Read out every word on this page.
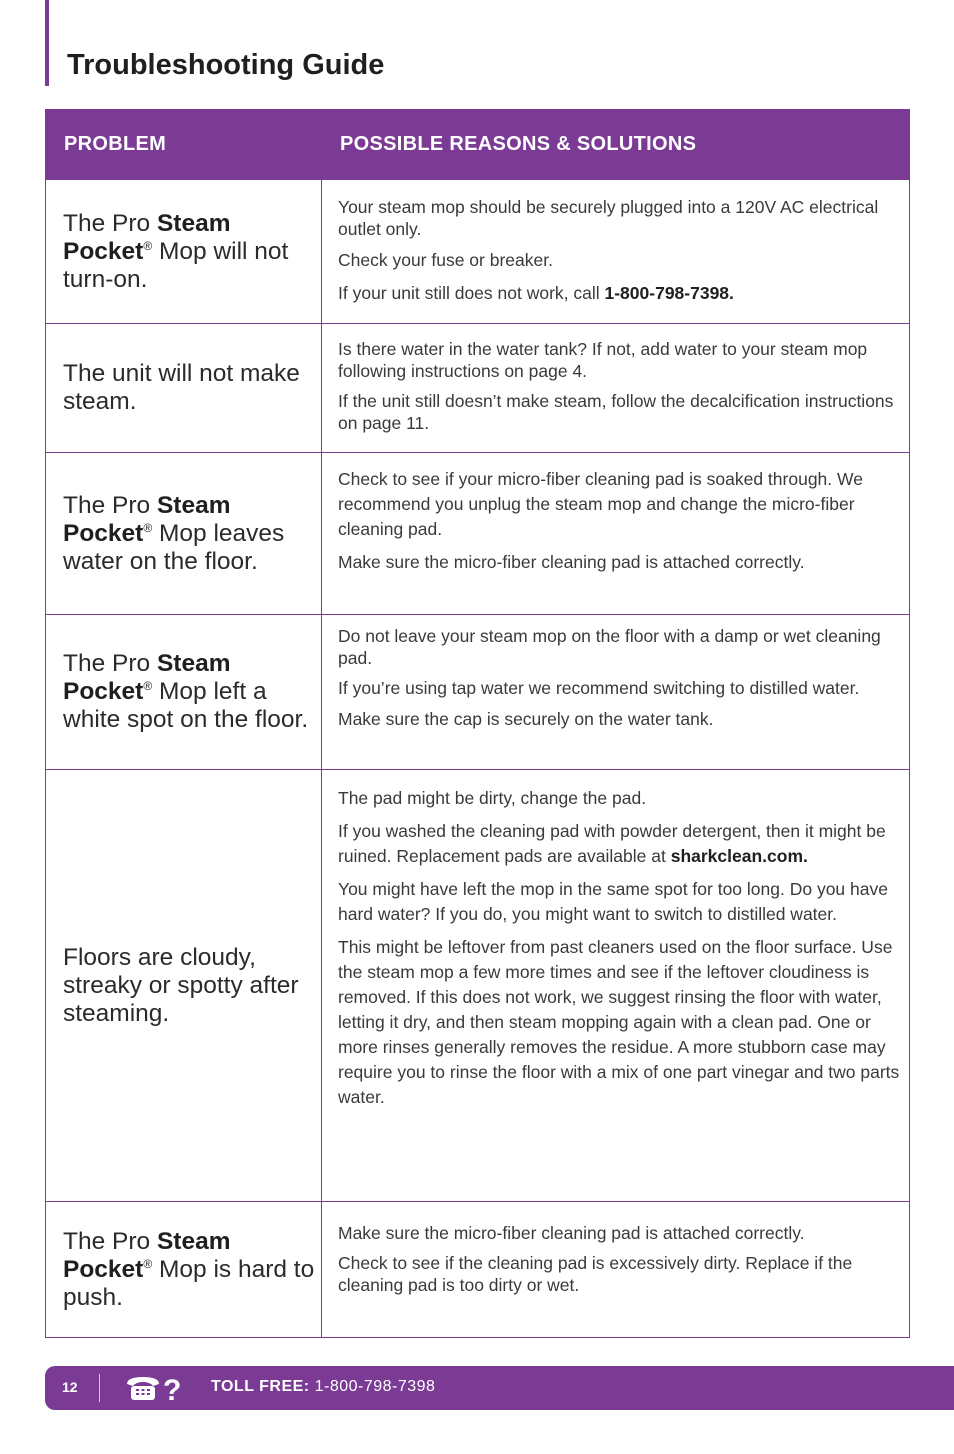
Troubleshooting Guide
PROBLEM	POSSIBLE REASONS & SOLUTIONS
The Pro Steam Pocket® Mop will not turn-on.	Your steam mop should be securely plugged into a 120V AC electrical outlet only.

Check your fuse or breaker.

If your unit still does not work, call 1-800-798-7398.

The unit will not make steam.	Is there water in the water tank? If not, add water to your steam mop following instructions on page 4.

If the unit still doesn’t make steam, follow the decalcification instructions on page 11.

The Pro Steam Pocket® Mop leaves water on the floor.	Check to see if your micro-fiber cleaning pad is soaked through. We recommend you unplug the steam mop and change the micro-fiber cleaning pad.

Make sure the micro-fiber cleaning pad is attached correctly.

The Pro Steam Pocket® Mop left a white spot on the floor.	Do not leave your steam mop on the floor with a damp or wet cleaning pad.

If you’re using tap water we recommend switching to distilled water.

Make sure the cap is securely on the water tank.

Floors are cloudy, streaky or spotty after steaming.	The pad might be dirty, change the pad.

If you washed the cleaning pad with powder detergent, then it might be ruined. Replacement pads are available at sharkclean.com.

You might have left the mop in the same spot for too long. Do you have hard water? If you do, you might want to switch to distilled water.

This might be leftover from past cleaners used on the floor surface. Use the steam mop a few more times and see if the leftover cloudiness is removed. If this does not work, we suggest rinsing the floor with water, letting it dry, and then steam mopping again with a clean pad. One or more rinses generally removes the residue. A more stubborn case may require you to rinse the floor with a mix of one part vinegar and two parts water.

The Pro Steam Pocket® Mop is hard to push.	Make sure the micro-fiber cleaning pad is attached correctly.

Check to see if the cleaning pad is excessively dirty. Replace if the cleaning pad is too dirty or wet.

12	? TOLL FREE: 1-800-798-7398
